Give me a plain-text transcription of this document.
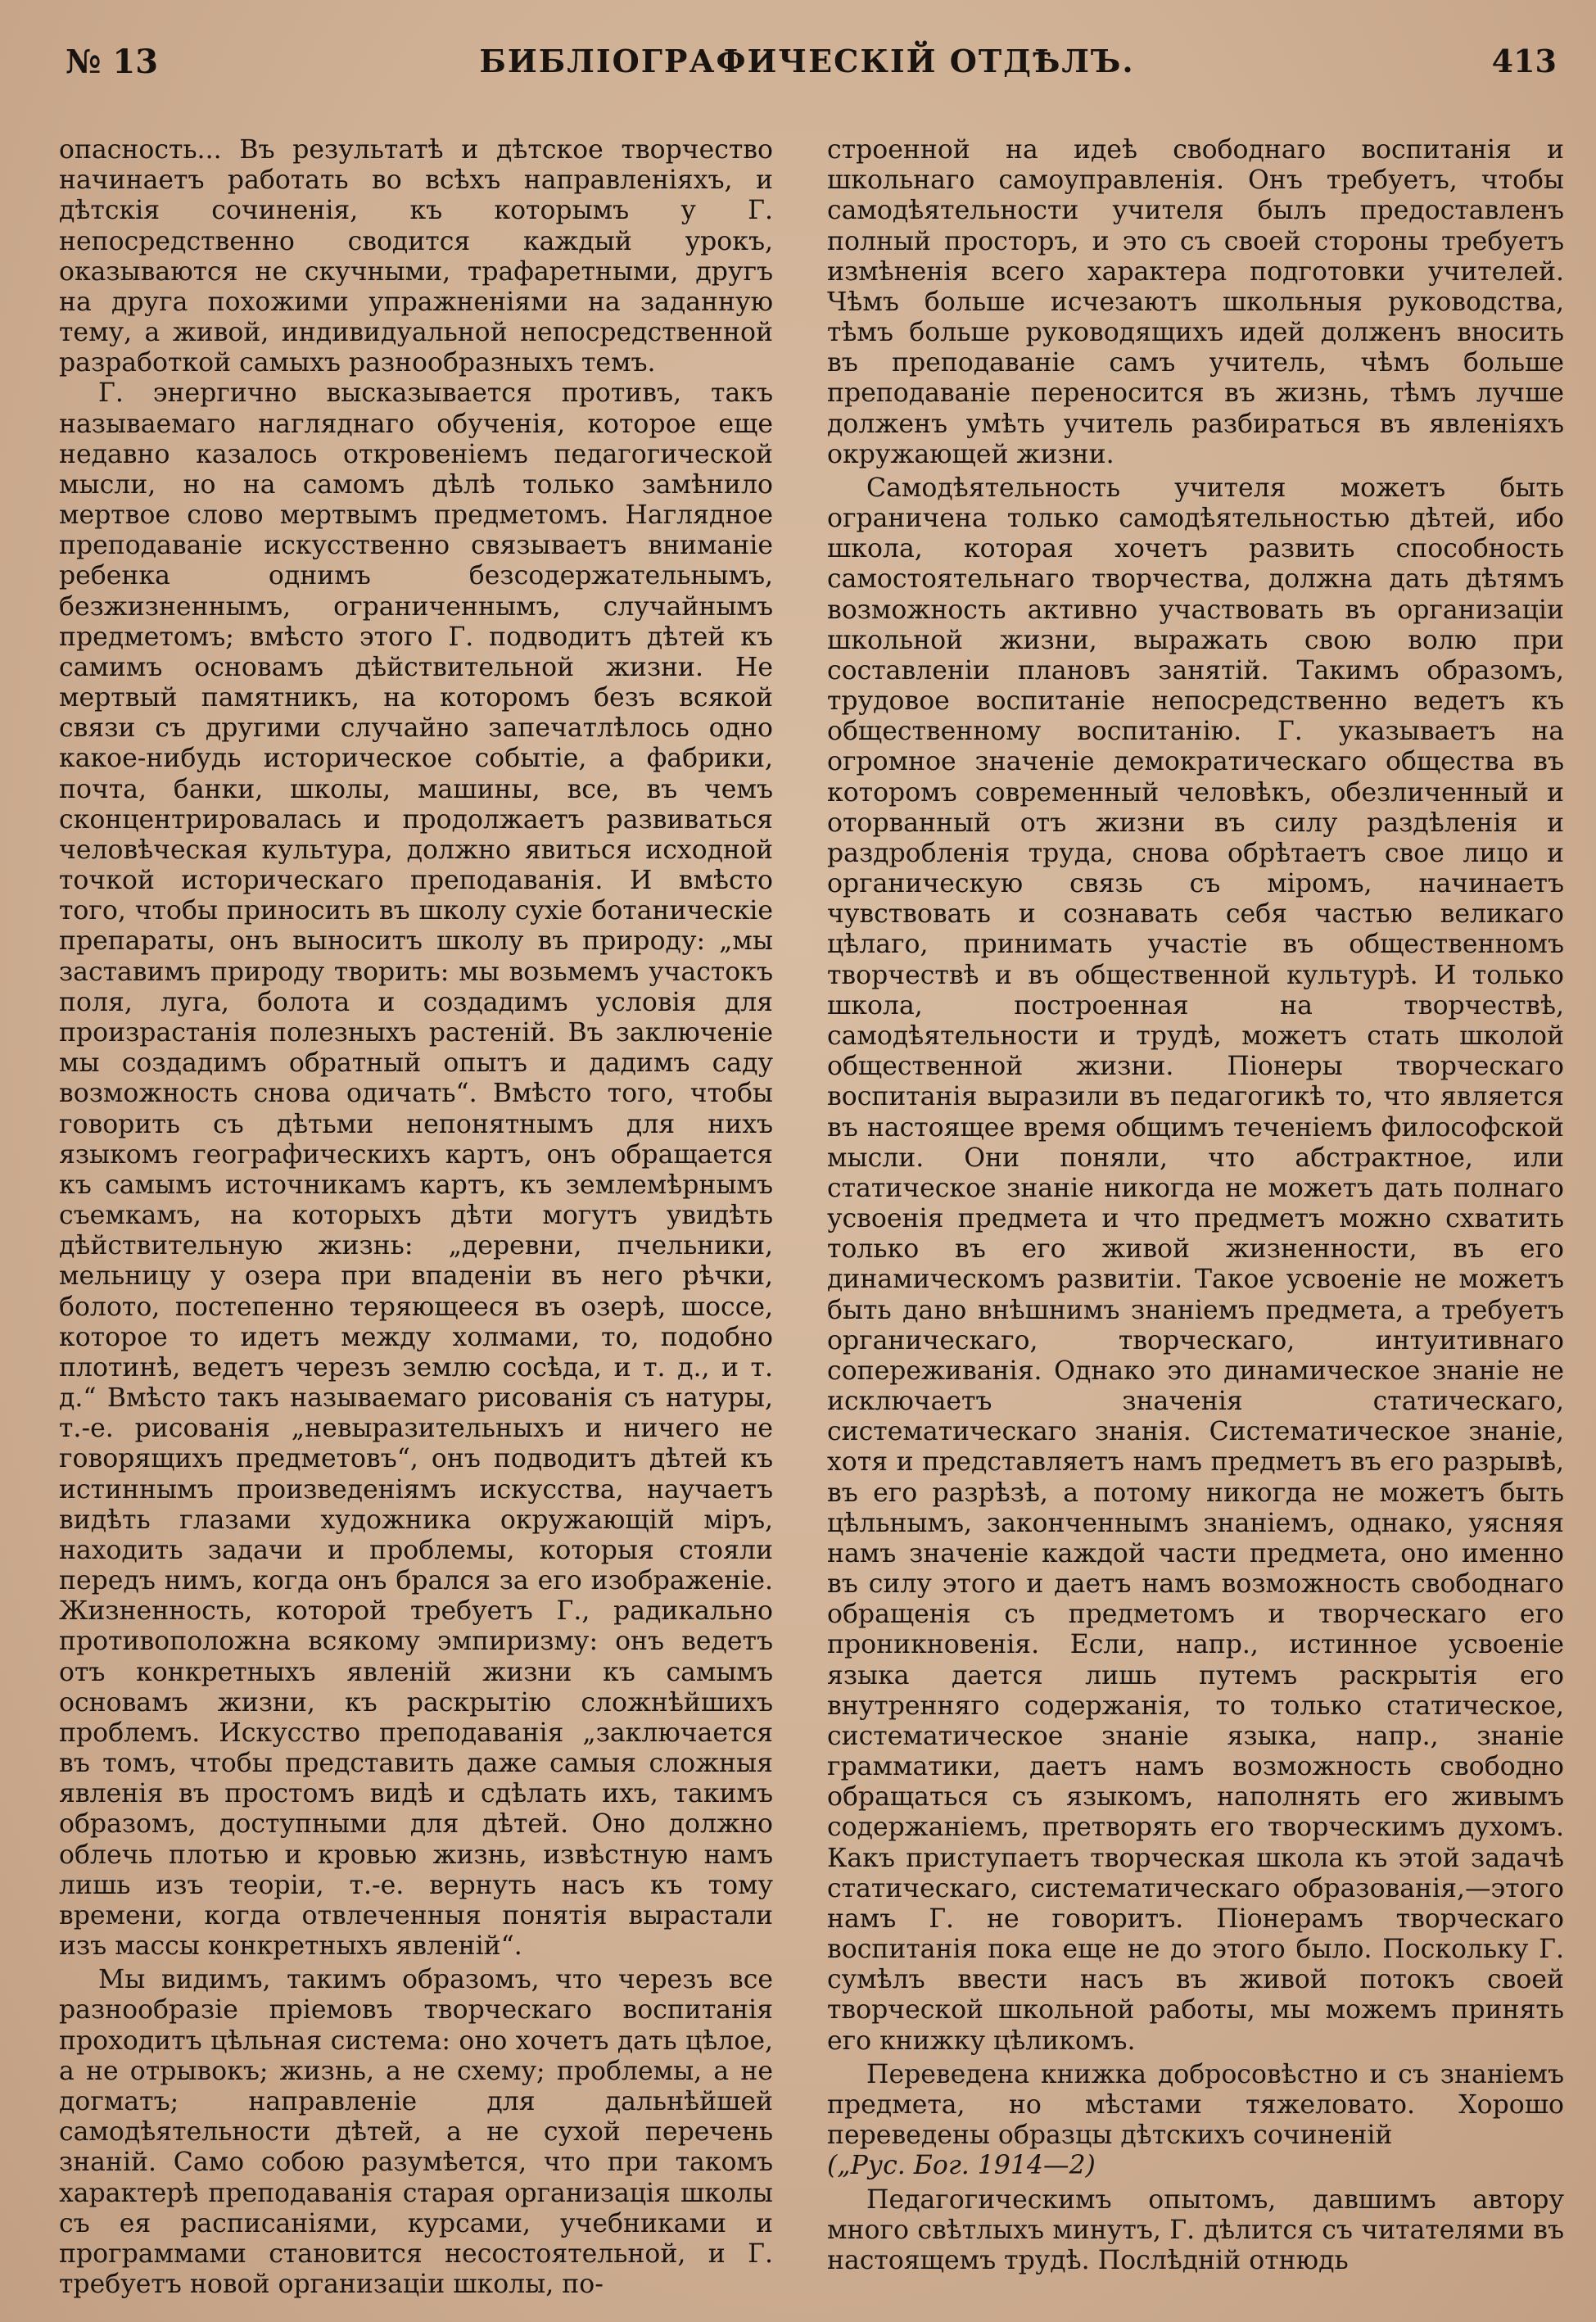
№ 13	БИБЛІОГРАФИЧЕСКІЙ ОТДѢЛЪ.	413

опасность... Въ результатѣ и дѣтское творчество начинаетъ работать во всѣхъ направленіяхъ, и дѣтскія сочиненія, къ которымъ у Г. непосредственно сводится каждый урокъ, оказываются не скучными, трафаретными, другъ на друга похожими упражненіями на заданную тему, а живой, индивидуальной непосредственной разработкой самыхъ разнообразныхъ темъ.

Г. энергично высказывается противъ, такъ называемаго нагляднаго обученія, которое еще недавно казалось откровеніемъ педагогической мысли, но на самомъ дѣлѣ только замѣнило мертвое слово мертвымъ предметомъ. Наглядное преподаваніе искусственно связываетъ вниманіе ребенка однимъ безсодержательнымъ, безжизненнымъ, ограниченнымъ, случайнымъ предметомъ; вмѣсто этого Г. подводитъ дѣтей къ самимъ основамъ дѣйствительной жизни. Не мертвый памятникъ, на которомъ безъ всякой связи съ другими случайно запечатлѣлось одно какое-нибудь историческое событіе, а фабрики, почта, банки, школы, машины, все, въ чемъ сконцентрировалась и продолжаетъ развиваться человѣческая культура, должно явиться исходной точкой историческаго преподаванія. И вмѣсто того, чтобы приносить въ школу сухіе ботаническіе препараты, онъ выноситъ школу въ природу: „мы заставимъ природу творить: мы возьмемъ участокъ поля, луга, болота и создадимъ условія для произрастанія полезныхъ растеній. Въ заключеніе мы создадимъ обратный опытъ и дадимъ саду возможность снова одичать“. Вмѣсто того, чтобы говорить съ дѣтьми непонятнымъ для нихъ языкомъ географическихъ картъ, онъ обращается къ самымъ источникамъ картъ, къ землемѣрнымъ съемкамъ, на которыхъ дѣти могутъ увидѣть дѣйствительную жизнь: „деревни, пчельники, мельницу у озера при впаденіи въ него рѣчки, болото, постепенно теряющееся въ озерѣ, шоссе, которое то идетъ между холмами, то, подобно плотинѣ, ведетъ черезъ землю сосѣда, и т. д., и т. д.“ Вмѣсто такъ называемаго рисованія съ натуры, т.-е. рисованія „невыразительныхъ и ничего не говорящихъ предметовъ“, онъ подводитъ дѣтей къ истиннымъ произведеніямъ искусства, научаетъ видѣть глазами художника окружающій міръ, находить задачи и проблемы, которыя стояли передъ нимъ, когда онъ брался за его изображеніе. Жизненность, которой требуетъ Г., радикально противоположна всякому эмпиризму: онъ ведетъ отъ конкретныхъ явленій жизни къ самымъ основамъ жизни, къ раскрытію сложнѣйшихъ проблемъ. Искусство преподаванія „заключается въ томъ, чтобы представить даже самыя сложныя явленія въ простомъ видѣ и сдѣлать ихъ, такимъ образомъ, доступными для дѣтей. Оно должно облечь плотью и кровью жизнь, извѣстную намъ лишь изъ теоріи, т.-е. вернуть насъ къ тому времени, когда отвлеченныя понятія вырастали изъ массы конкретныхъ явленій“.

Мы видимъ, такимъ образомъ, что черезъ все разнообразіе пріемовъ творческаго воспитанія проходитъ цѣльная система: оно хочетъ дать цѣлое, а не отрывокъ; жизнь, а не схему; проблемы, а не догматъ; направленіе для дальнѣйшей самодѣятельности дѣтей, а не сухой перечень знаній. Само собою разумѣется, что при такомъ характерѣ преподаванія старая организація школы съ ея расписаніями, курсами, учебниками и программами становится несостоятельной, и Г. требуетъ новой организаціи школы, по-

строенной на идеѣ свободнаго воспитанія и школьнаго самоуправленія. Онъ требуетъ, чтобы самодѣятельности учителя былъ предоставленъ полный просторъ, и это съ своей стороны требуетъ измѣненія всего характера подготовки учителей. Чѣмъ больше исчезаютъ школьныя руководства, тѣмъ больше руководящихъ идей долженъ вносить въ преподаваніе самъ учитель, чѣмъ больше преподаваніе переносится въ жизнь, тѣмъ лучше долженъ умѣть учитель разбираться въ явленіяхъ окружающей жизни.

Самодѣятельность учителя можетъ быть ограничена только самодѣятельностью дѣтей, ибо школа, которая хочетъ развить способность самостоятельнаго творчества, должна дать дѣтямъ возможность активно участвовать въ организаціи школьной жизни, выражать свою волю при составленіи плановъ занятій. Такимъ образомъ, трудовое воспитаніе непосредственно ведетъ къ общественному воспитанію. Г. указываетъ на огромное значеніе демократическаго общества въ которомъ современный человѣкъ, обезличенный и оторванный отъ жизни въ силу раздѣленія и раздробленія труда, снова обрѣтаетъ свое лицо и органическую связь съ міромъ, начинаетъ чувствовать и сознавать себя частью великаго цѣлаго, принимать участіе въ общественномъ творчествѣ и въ общественной культурѣ. И только школа, построенная на творчествѣ, самодѣятельности и трудѣ, можетъ стать школой общественной жизни. Піонеры творческаго воспитанія выразили въ педагогикѣ то, что является въ настоящее время общимъ теченіемъ философской мысли. Они поняли, что абстрактное, или статическое знаніе никогда не можетъ дать полнаго усвоенія предмета и что предметъ можно схватить только въ его живой жизненности, въ его динамическомъ развитіи. Такое усвоеніе не можетъ быть дано внѣшнимъ знаніемъ предмета, а требуетъ органическаго, творческаго, интуитивнаго сопереживанія. Однако это динамическое знаніе не исключаетъ значенія статическаго, систематическаго знанія. Систематическое знаніе, хотя и представляетъ намъ предметъ въ его разрывѣ, въ его разрѣзѣ, а потому никогда не можетъ быть цѣльнымъ, законченнымъ знаніемъ, однако, уясняя намъ значеніе каждой части предмета, оно именно въ силу этого и даетъ намъ возможность свободнаго обращенія съ предметомъ и творческаго его проникновенія. Если, напр., истинное усвоеніе языка дается лишь путемъ раскрытія его внутренняго содержанія, то только статическое, систематическое знаніе языка, напр., знаніе грамматики, даетъ намъ возможность свободно обращаться съ языкомъ, наполнять его живымъ содержаніемъ, претворять его творческимъ духомъ. Какъ приступаетъ творческая школа къ этой задачѣ статическаго, систематическаго образованія,—этого намъ Г. не говоритъ. Піонерамъ творческаго воспитанія пока еще не до этого было. Поскольку Г. сумѣлъ ввести насъ въ живой потокъ своей творческой школьной работы, мы можемъ принять его книжку цѣликомъ.

Переведена книжка добросовѣстно и съ знаніемъ предмета, но мѣстами тяжеловато. Хорошо переведены образцы дѣтскихъ сочиненій

(„Рус. Бог. 1914—2)

Педагогическимъ опытомъ, давшимъ автору много свѣтлыхъ минутъ, Г. дѣлится съ читателями въ настоящемъ трудѣ. Послѣдній отнюдь
